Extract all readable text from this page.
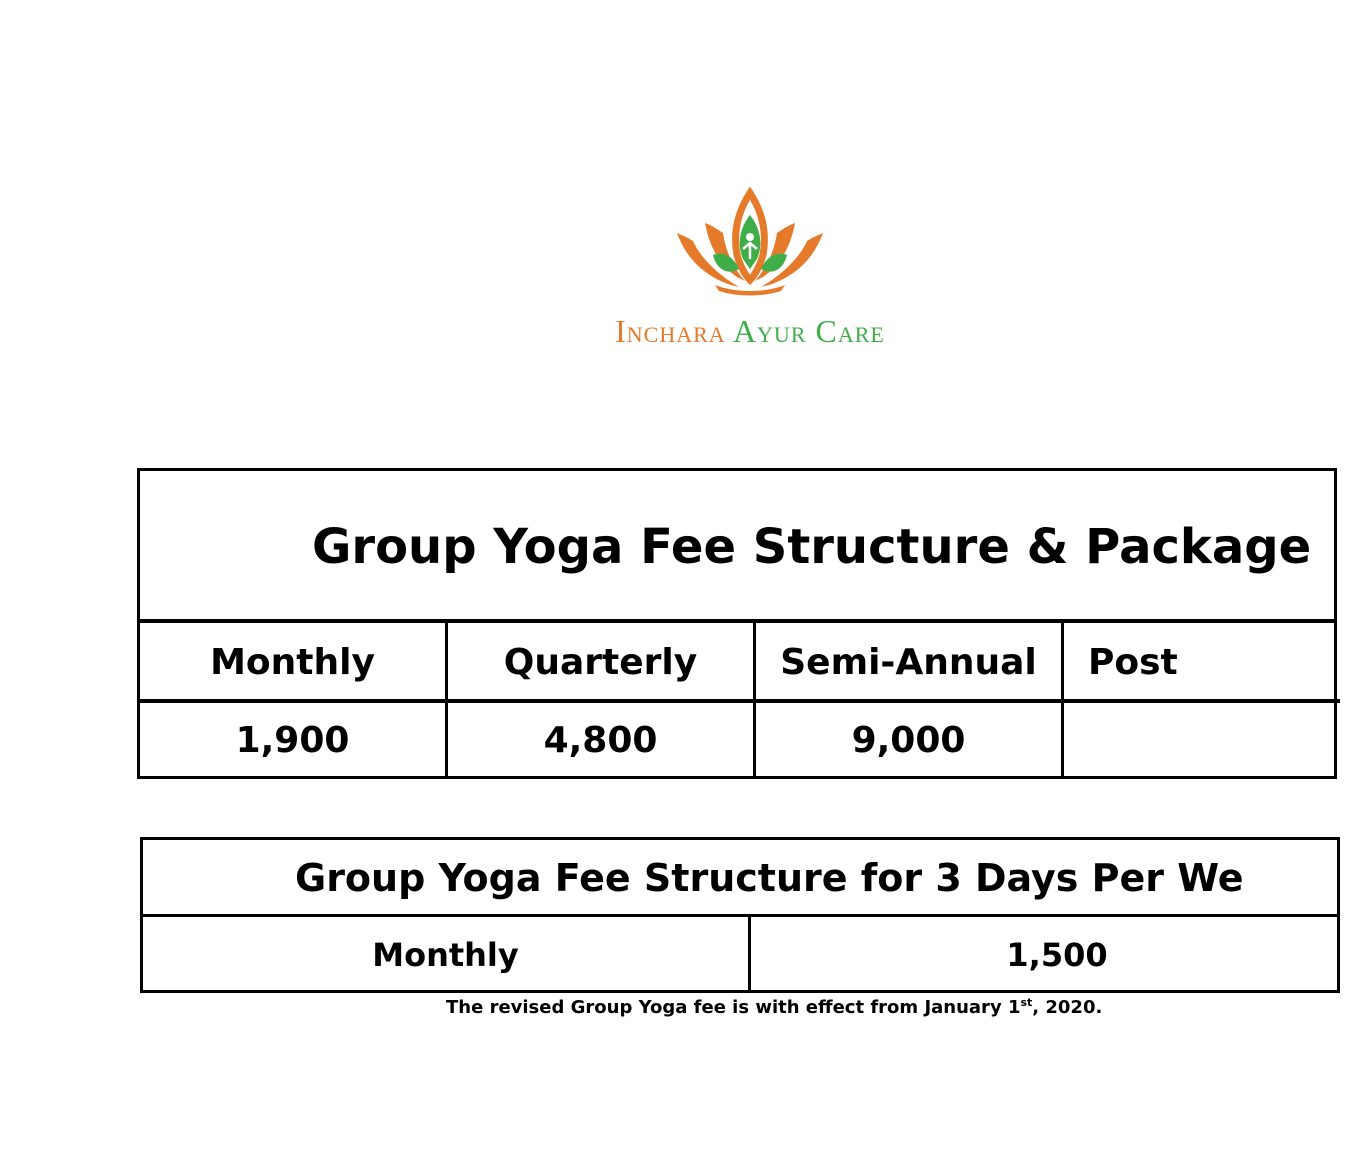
Inchara Ayur Care
Group Yoga Fee Structure & Package
Monthly	Quarterly	Semi-Annual	Post
1,900	4,800	9,000
Group Yoga Fee Structure for 3 Days Per We
Monthly	1,500
The revised Group Yoga fee is with effect from January 1st, 2020.
